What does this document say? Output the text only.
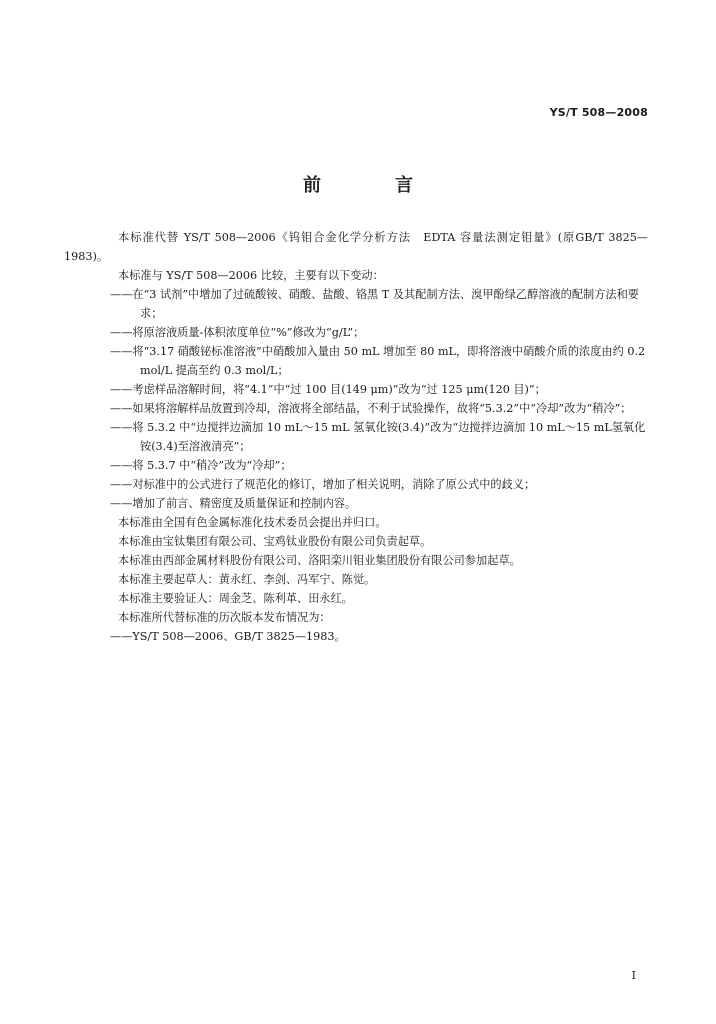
YS/T 508—2008
前　言

本标准代替 YS/T 508—2006《钨钼合金化学分析方法　EDTA 容量法测定钼量》(原GB/T 3825—1983)。

本标准与 YS/T 508—2006 比较，主要有以下变动：

——在“3 试剂”中增加了过硫酸铵、硝酸、盐酸、铬黑 T 及其配制方法、溴甲酚绿乙醇溶液的配制方法和要求；

——将原溶液质量-体积浓度单位“%”修改为“g/L”；

——将“3.17 硝酸铋标准溶液”中硝酸加入量由 50 mL 增加至 80 mL，即将溶液中硝酸介质的浓度由约 0.2 mol/L 提高至约 0.3 mol/L；

——考虑样品溶解时间，将“4.1”中“过 100 目(149 μm)”改为“过 125 μm(120 目)”；

——如果将溶解样品放置到冷却，溶液将全部结晶，不利于试验操作，故将“5.3.2”中“冷却”改为“稍冷”；

——将 5.3.2 中“边搅拌边滴加 10 mL～15 mL 氢氧化铵(3.4)”改为“边搅拌边滴加 10 mL～15 mL氢氧化铵(3.4)至溶液清亮”；

——将 5.3.7 中“稍冷”改为“冷却”；

——对标准中的公式进行了规范化的修订，增加了相关说明，消除了原公式中的歧义；

——增加了前言、精密度及质量保证和控制内容。

本标准由全国有色金属标准化技术委员会提出并归口。

本标准由宝钛集团有限公司、宝鸡钛业股份有限公司负责起草。

本标准由西部金属材料股份有限公司、洛阳栾川钼业集团股份有限公司参加起草。

本标准主要起草人：黄永红、李剑、冯军宁、陈觉。

本标准主要验证人：周金芝、陈利革、田永红。

本标准所代替标准的历次版本发布情况为：

——YS/T 508—2006、GB/T 3825—1983。

I
